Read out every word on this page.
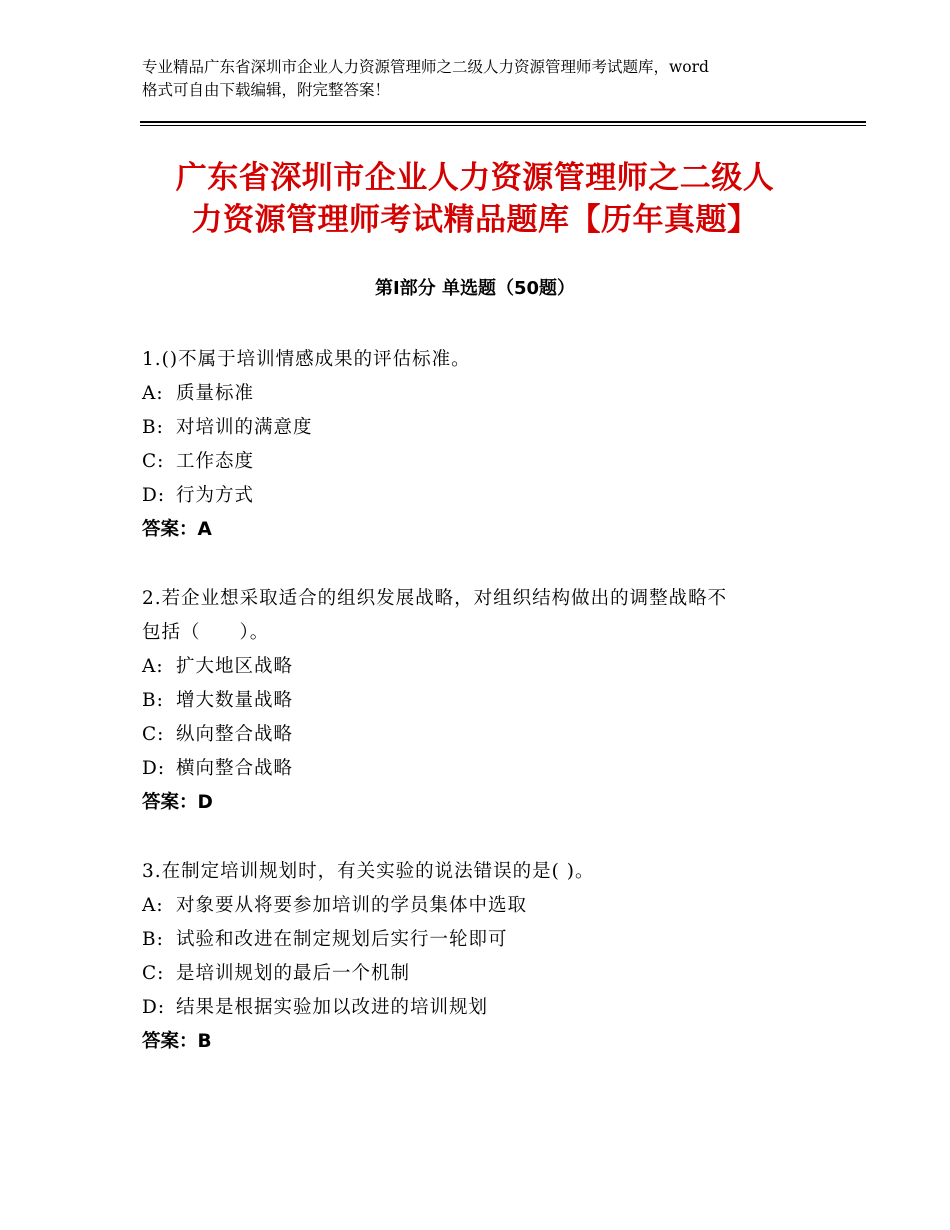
专业精品广东省深圳市企业人力资源管理师之二级人力资源管理师考试题库，word
格式可自由下载编辑，附完整答案！
广东省深圳市企业人力资源管理师之二级人
力资源管理师考试精品题库【历年真题】
第Ⅰ部分 单选题（50题）
1.()不属于培训情感成果的评估标准。
A: 质量标准
B: 对培训的满意度
C: 工作态度
D: 行为方式
答案：A
2.若企业想采取适合的组织发展战略，对组织结构做出的调整战略不
包括（　　）。
A: 扩大地区战略
B: 增大数量战略
C: 纵向整合战略
D: 横向整合战略
答案：D
3.在制定培训规划时，有关实验的说法错误的是( )。
A: 对象要从将要参加培训的学员集体中选取
B: 试验和改进在制定规划后实行一轮即可
C: 是培训规划的最后一个机制
D: 结果是根据实验加以改进的培训规划
答案：B
